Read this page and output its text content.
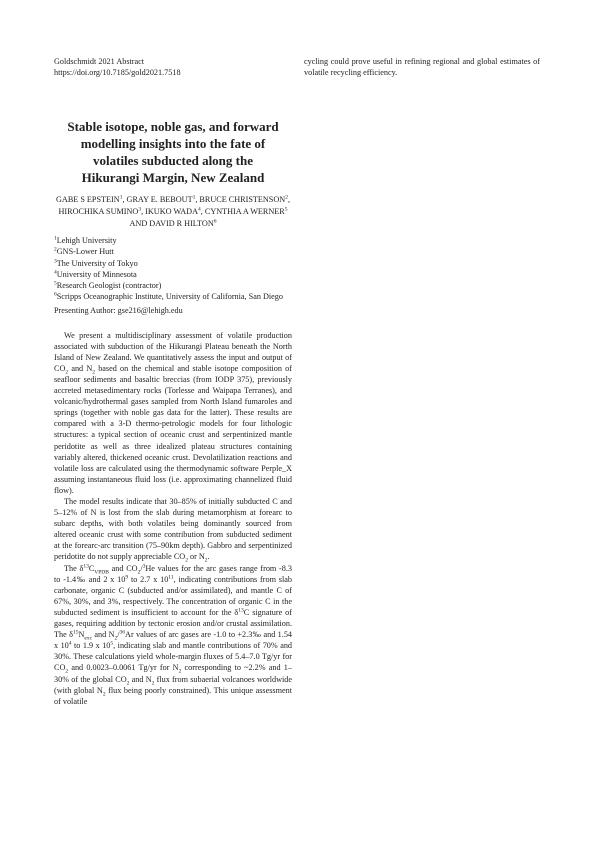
Goldschmidt 2021 Abstract
https://doi.org/10.7185/gold2021.7518
Stable isotope, noble gas, and forward
modelling insights into the fate of
volatiles subducted along the
Hikurangi Margin, New Zealand
GABE S EPSTEIN$^1$, GRAY E. BEBOUT$^1$, BRUCE CHRISTENSON$^2$, HIROCHIKA SUMINO$^3$, IKUKO WADA$^4$, CYNTHIA A WERNER$^5$ AND DAVID R HILTON$^6$
$^1$Lehigh University
$^2$GNS-Lower Hutt
$^3$The University of Tokyo
$^4$University of Minnesota
$^5$Research Geologist (contractor)
$^6$Scripps Oceanographic Institute, University of California, San Diego
Presenting Author: gse216@lehigh.edu

We present a multidisciplinary assessment of volatile production associated with subduction of the Hikurangi Plateau beneath the North Island of New Zealand. We quantitatively assess the input and output of $CO_2$ and $N_2$ based on the chemical and stable isotope composition of seafloor sediments and basaltic breccias (from IODP 375), previously accreted metasedimentary rocks (Torlesse and Waipapa Terranes), and volcanic/hydrothermal gases sampled from North Island fumaroles and springs (together with noble gas data for the latter). These results are compared with a 3-D thermo-petrologic models for four lithologic structures: a typical section of oceanic crust and serpentinized mantle peridotite as well as three idealized plateau structures containing variably altered, thickened oceanic crust. Devolatilization reactions and volatile loss are calculated using the thermodynamic software Perple_X assuming instantaneous fluid loss (i.e. approximating channelized fluid flow).

The model results indicate that 30–85% of initially subducted C and 5–12% of N is lost from the slab during metamorphism at forearc to subarc depths, with both volatiles being dominantly sourced from altered oceanic crust with some contribution from subducted sediment at the forearc-arc transition (75–90km depth). Gabbro and serpentinized peridotite do not supply appreciable $CO_2$ or $N_2$.

The $\delta^{13}C_{VPDB}$ and $CO_2/^3He$ values for the arc gases range from -8.3 to -1.4‰ and 2 x $10^9$ to 2.7 x $10^{11}$, indicating contributions from slab carbonate, organic C (subducted and/or assimilated), and mantle C of 67%, 30%, and 3%, respectively. The concentration of organic C in the subducted sediment is insufficient to account for the $\delta^{13}C$ signature of gases, requiring addition by tectonic erosion and/or crustal assimilation. The $\delta^{15}N_{exc}$ and $N_2/^{36}Ar$ values of arc gases are -1.0 to +2.3‰ and 1.54 x $10^4$ to 1.9 x $10^5$, indicating slab and mantle contributions of 70% and 30%. These calculations yield whole-margin fluxes of 5.4–7.0 Tg/yr for $CO_2$ and 0.0023–0.0061 Tg/yr for $N_2$ corresponding to ~2.2% and 1–30% of the global $CO_2$ and $N_2$ flux from subaerial volcanoes worldwide (with global $N_2$ flux being poorly constrained). This unique assessment of volatile

cycling could prove useful in refining regional and global estimates of volatile recycling efficiency.
